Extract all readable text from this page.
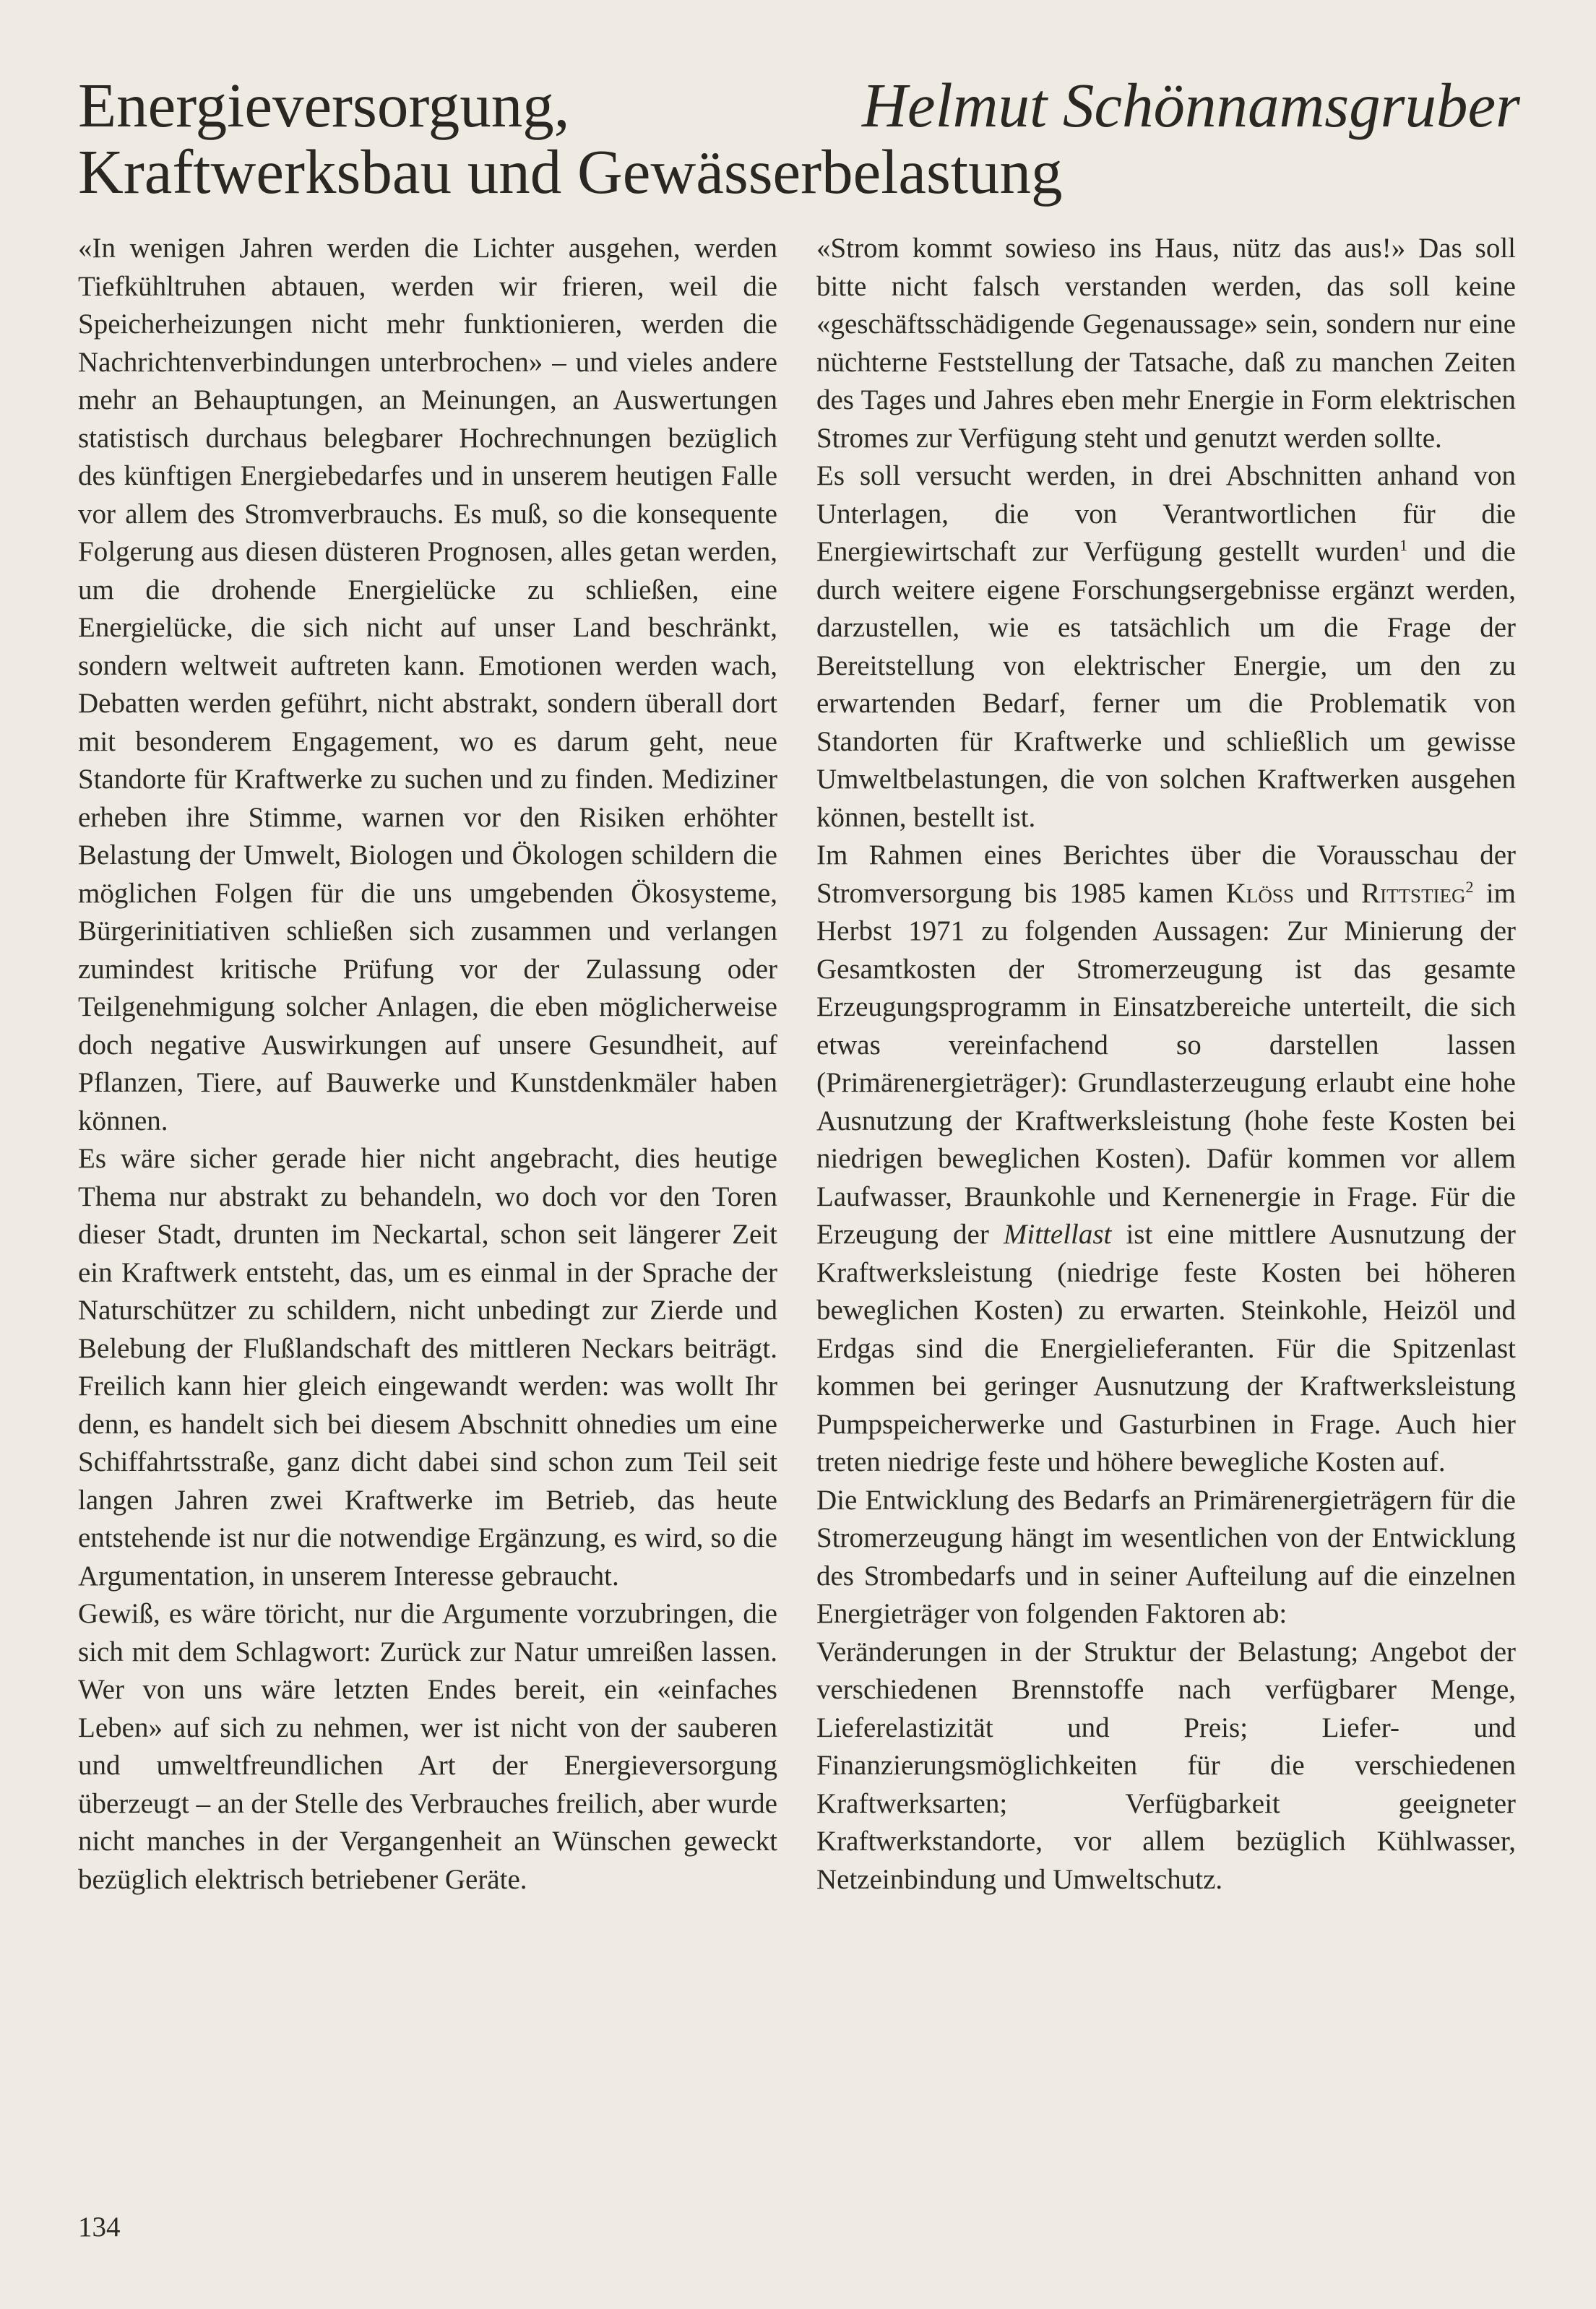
Energieversorgung,
Kraftwerksbau und Gewässerbelastung
Helmut Schönnamsgruber

«In wenigen Jahren werden die Lichter ausgehen, werden Tiefkühltruhen abtauen, werden wir frieren, weil die Speicherheizungen nicht mehr funktionieren, werden die Nachrichtenverbindungen unterbrochen» – und vieles andere mehr an Behauptungen, an Meinungen, an Auswertungen statistisch durchaus belegbarer Hochrechnungen bezüglich des künftigen Energiebedarfes und in unserem heutigen Falle vor allem des Stromverbrauchs. Es muß, so die konsequente Folgerung aus diesen düsteren Prognosen, alles getan werden, um die drohende Energielücke zu schließen, eine Energielücke, die sich nicht auf unser Land beschränkt, sondern weltweit auftreten kann. Emotionen werden wach, Debatten werden geführt, nicht abstrakt, sondern überall dort mit besonderem Engagement, wo es darum geht, neue Standorte für Kraftwerke zu suchen und zu finden. Mediziner erheben ihre Stimme, warnen vor den Risiken erhöhter Belastung der Umwelt, Biologen und Ökologen schildern die möglichen Folgen für die uns umgebenden Ökosysteme, Bürgerinitiativen schließen sich zusammen und verlangen zumindest kritische Prüfung vor der Zulassung oder Teilgenehmigung solcher Anlagen, die eben möglicherweise doch negative Auswirkungen auf unsere Gesundheit, auf Pflanzen, Tiere, auf Bauwerke und Kunstdenkmäler haben können.

Es wäre sicher gerade hier nicht angebracht, dies heutige Thema nur abstrakt zu behandeln, wo doch vor den Toren dieser Stadt, drunten im Neckartal, schon seit längerer Zeit ein Kraftwerk entsteht, das, um es einmal in der Sprache der Naturschützer zu schildern, nicht unbedingt zur Zierde und Belebung der Flußlandschaft des mittleren Neckars beiträgt. Freilich kann hier gleich eingewandt werden: was wollt Ihr denn, es handelt sich bei diesem Abschnitt ohnedies um eine Schiffahrtsstraße, ganz dicht dabei sind schon zum Teil seit langen Jahren zwei Kraftwerke im Betrieb, das heute entstehende ist nur die notwendige Ergänzung, es wird, so die Argumentation, in unserem Interesse gebraucht.

Gewiß, es wäre töricht, nur die Argumente vorzubringen, die sich mit dem Schlagwort: Zurück zur Natur umreißen lassen. Wer von uns wäre letzten Endes bereit, ein «einfaches Leben» auf sich zu nehmen, wer ist nicht von der sauberen und umweltfreundlichen Art der Energieversorgung überzeugt – an der Stelle des Verbrauches freilich, aber wurde nicht manches in der Vergangenheit an Wünschen geweckt bezüglich elektrisch betriebener Geräte.

«Strom kommt sowieso ins Haus, nütz das aus!» Das soll bitte nicht falsch verstanden werden, das soll keine «geschäftsschädigende Gegenaussage» sein, sondern nur eine nüchterne Feststellung der Tatsache, daß zu manchen Zeiten des Tages und Jahres eben mehr Energie in Form elektrischen Stromes zur Verfügung steht und genutzt werden sollte.

Es soll versucht werden, in drei Abschnitten anhand von Unterlagen, die von Verantwortlichen für die Energiewirtschaft zur Verfügung gestellt wurden$^1$ und die durch weitere eigene Forschungsergebnisse ergänzt werden, darzustellen, wie es tatsächlich um die Frage der Bereitstellung von elektrischer Energie, um den zu erwartenden Bedarf, ferner um die Problematik von Standorten für Kraftwerke und schließlich um gewisse Umweltbelastungen, die von solchen Kraftwerken ausgehen können, bestellt ist.

Im Rahmen eines Berichtes über die Vorausschau der Stromversorgung bis 1985 kamen Klöss und Rittstieg$^2$ im Herbst 1971 zu folgenden Aussagen: Zur Minierung der Gesamtkosten der Stromerzeugung ist das gesamte Erzeugungsprogramm in Einsatzbereiche unterteilt, die sich etwas vereinfachend so darstellen lassen (Primärenergieträger): Grundlasterzeugung erlaubt eine hohe Ausnutzung der Kraftwerksleistung (hohe feste Kosten bei niedrigen beweglichen Kosten). Dafür kommen vor allem Laufwasser, Braunkohle und Kernenergie in Frage. Für die Erzeugung der Mittellast ist eine mittlere Ausnutzung der Kraftwerksleistung (niedrige feste Kosten bei höheren beweglichen Kosten) zu erwarten. Steinkohle, Heizöl und Erdgas sind die Energielieferanten. Für die Spitzenlast kommen bei geringer Ausnutzung der Kraftwerksleistung Pumpspeicherwerke und Gasturbinen in Frage. Auch hier treten niedrige feste und höhere bewegliche Kosten auf.

Die Entwicklung des Bedarfs an Primärenergieträgern für die Stromerzeugung hängt im wesentlichen von der Entwicklung des Strombedarfs und in seiner Aufteilung auf die einzelnen Energieträger von folgenden Faktoren ab:

Veränderungen in der Struktur der Belastung; Angebot der verschiedenen Brennstoffe nach verfügbarer Menge, Lieferelastizität und Preis; Liefer- und Finanzierungsmöglichkeiten für die verschiedenen Kraftwerksarten; Verfügbarkeit geeigneter Kraftwerkstandorte, vor allem bezüglich Kühlwasser, Netzeinbindung und Umweltschutz.

134
